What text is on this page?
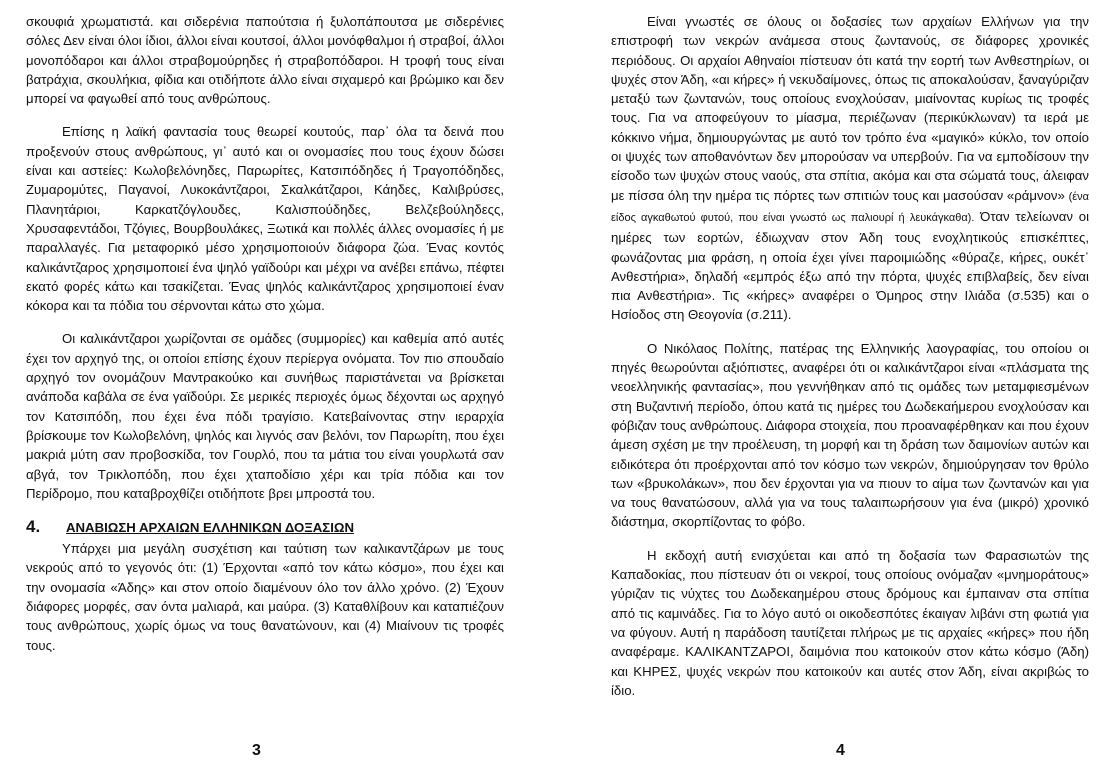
σκουφιά χρωματιστά. και σιδερένια παπούτσια ή ξυλοπάπουτσα με σιδερένιες σόλες Δεν είναι όλοι ίδιοι, άλλοι είναι κουτσοί, άλλοι μονόφθαλμοι ή στραβοί, άλλοι μονοπόδαροι και άλλοι στραβομούρηδες ή στραβοπόδαροι. Η τροφή τους είναι βατράχια, σκουλήκια, φίδια και οτιδήποτε άλλο είναι σιχαμερό και βρώμικο και δεν μπορεί να φαγωθεί από τους ανθρώπους.

Επίσης η λαϊκή φαντασία τους θεωρεί κουτούς, παρ᾽ όλα τα δεινά που προξενούν στους ανθρώπους, γι᾽ αυτό και οι ονομασίες που τους έχουν δώσει είναι και αστείες: Κωλοβελόνηδες, Παρωρίτες, Κατσιπόδηδες ή Τραγοπόδηδες, Ζυμαρομύτες, Παγανοί, Λυκοκάντζαροι, Σκαλκάτζαροι, Κάηδες, Καλιβρύσες, Πλανητάριοι, Καρκατζόγλουδες, Καλισπούδηδες, Βελζεβούληδεςς, Χρυσαφεντάδοι, Τζόγιες, Βουρβουλάκες, Ξωτικά και πολλές άλλες ονομασίες ή με παραλλαγές. Για μεταφορικό μέσο χρησιμοποιούν διάφορα ζώα. Ένας κοντός καλικάντζαρος χρησιμοποιεί ένα ψηλό γαϊδούρι και μέχρι να ανέβει επάνω, πέφτει εκατό φορές κάτω και τσακίζεται. Ένας ψηλός καλικάντζαρος χρησιμοποιεί έναν κόκορα και τα πόδια του σέρνονται κάτω στο χώμα.

Οι καλικάντζαροι χωρίζονται σε ομάδες (συμμορίες) και καθεμία από αυτές έχει τον αρχηγό της, οι οποίοι επίσης έχουν περίεργα ονόματα. Τον πιο σπουδαίο αρχηγό τον ονομάζουν Μαντρακούκο και συνήθως παριστάνεται να βρίσκεται ανάποδα καβάλα σε ένα γαϊδούρι. Σε μερικές περιοχές όμως δέχονται ως αρχηγό τον Κατσιπόδη, που έχει ένα πόδι τραγίσιο. Κατεβαίνοντας στην ιεραρχία βρίσκουμε τον Κωλοβελόνη, ψηλός και λιγνός σαν βελόνι, τον Παρωρίτη, που έχει μακριά μύτη σαν προβοσκίδα, τον Γουρλό, που τα μάτια του είναι γουρλωτά σαν αβγά, τον Τρικλοπόδη, που έχει χταποδίσιο χέρι και τρία πόδια και τον Περίδρομο, που καταβροχθίζει οτιδήποτε βρει μπροστά του.

4.	ΑΝΑΒΙΩΣΗ ΑΡΧΑΙΩΝ ΕΛΛΗΝΙΚΩΝ ΔΟΞΑΣΙΩΝ

Υπάρχει μια μεγάλη συσχέτιση και ταύτιση των καλικαντζάρων με τους νεκρούς από το γεγονός ότι: (1) Έρχονται «από τον κάτω κόσμο», που έχει και την ονομασία «Άδης» και στον οποίο διαμένουν όλο τον άλλο χρόνο. (2) Έχουν διάφορες μορφές, σαν όντα μαλιαρά, και μαύρα. (3) Καταθλίβουν και καταπιέζουν τους ανθρώπους, χωρίς όμως να τους θανατώνουν, και (4) Μιαίνουν τις τροφές τους.

Είναι γνωστές σε όλους οι δοξασίες των αρχαίων Ελλήνων για την επιστροφή των νεκρών ανάμεσα στους ζωντανούς, σε διάφορες χρονικές περιόδους. Οι αρχαίοι Αθηναίοι πίστευαν ότι κατά την εορτή των Ανθεστηρίων, οι ψυχές στον Άδη, «αι κήρες» ή νεκυδαίμονες, όπως τις αποκαλούσαν, ξαναγύριζαν μεταξύ των ζωντανών, τους οποίους ενοχλούσαν, μιαίνοντας κυρίως τις τροφές τους. Για να αποφεύγουν το μίασμα, περιέζωναν (περικύκλωναν) τα ιερά με κόκκινο νήμα, δημιουργώντας με αυτό τον τρόπο ένα «μαγικό» κύκλο, τον οποίο οι ψυχές των αποθανόντων δεν μπορούσαν να υπερβούν. Για να εμποδίσουν την είσοδο των ψυχών στους ναούς, στα σπίτια, ακόμα και στα σώματά τους, άλειφαν με πίσσα όλη την ημέρα τις πόρτες των σπιτιών τους και μασούσαν «ράμνον» (ένα είδος αγκαθωτού φυτού, που είναι γνωστό ως παλιουρί ή λευκάγκαθα). Όταν τελείωναν οι ημέρες των εορτών, έδιωχναν στον Άδη τους ενοχλητικούς επισκέπτες, φωνάζοντας μια φράση, η οποία έχει γίνει παροιμιώδης «θύραζε, κήρες, ουκέτ᾽ Ανθεστήρια», δηλαδή «εμπρός έξω από την πόρτα, ψυχές επιβλαβείς, δεν είναι πια Ανθεστήρια». Τις «κήρες» αναφέρει ο Όμηρος στην Ιλιάδα (σ.535) και ο Ησίοδος στη Θεογονία (σ.211).

Ο Νικόλαος Πολίτης, πατέρας της Ελληνικής λαογραφίας, του οποίου οι πηγές θεωρούνται αξιόπιστες, αναφέρει ότι οι καλικάντζαροι είναι «πλάσματα της νεοελληνικής φαντασίας», που γεννήθηκαν από τις ομάδες των μεταμφιεσμένων στη Βυζαντινή περίοδο, όπου κατά τις ημέρες του Δωδεκαήμερου ενοχλούσαν και φόβιζαν τους ανθρώπους. Διάφορα στοιχεία, που προαναφέρθηκαν και που έχουν άμεση σχέση με την προέλευση, τη μορφή και τη δράση των δαιμονίων αυτών και ειδικότερα ότι προέρχονται από τον κόσμο των νεκρών, δημιούργησαν τον θρύλο των «βρυκολάκων», που δεν έρχονται για να πιουν το αίμα των ζωντανών και για να τους θανατώσουν, αλλά για να τους ταλαιπωρήσουν για ένα (μικρό) χρονικό διάστημα, σκορπίζοντας το φόβο.

Η εκδοχή αυτή ενισχύεται και από τη δοξασία των Φαρασιωτών της Καπαδοκίας, που πίστευαν ότι οι νεκροί, τους οποίους ονόμαζαν «μνημοράτους» γύριζαν τις νύχτες του Δωδεκαημέρου στους δρόμους και έμπαιναν στα σπίτια από τις καμινάδες. Για το λόγο αυτό οι οικοδεσπότες έκαιγαν λιβάνι στη φωτιά για να φύγουν. Αυτή η παράδοση ταυτίζεται πλήρως με τις αρχαίες «κήρες» που ήδη αναφέραμε. ΚΑΛΙΚΑΝΤΖΑΡΟΙ, δαιμόνια που κατοικούν στον κάτω κόσμο (Άδη) και ΚΗΡΕΣ, ψυχές νεκρών που κατοικούν και αυτές στον Άδη, είναι ακριβώς το ίδιο.

3	4
